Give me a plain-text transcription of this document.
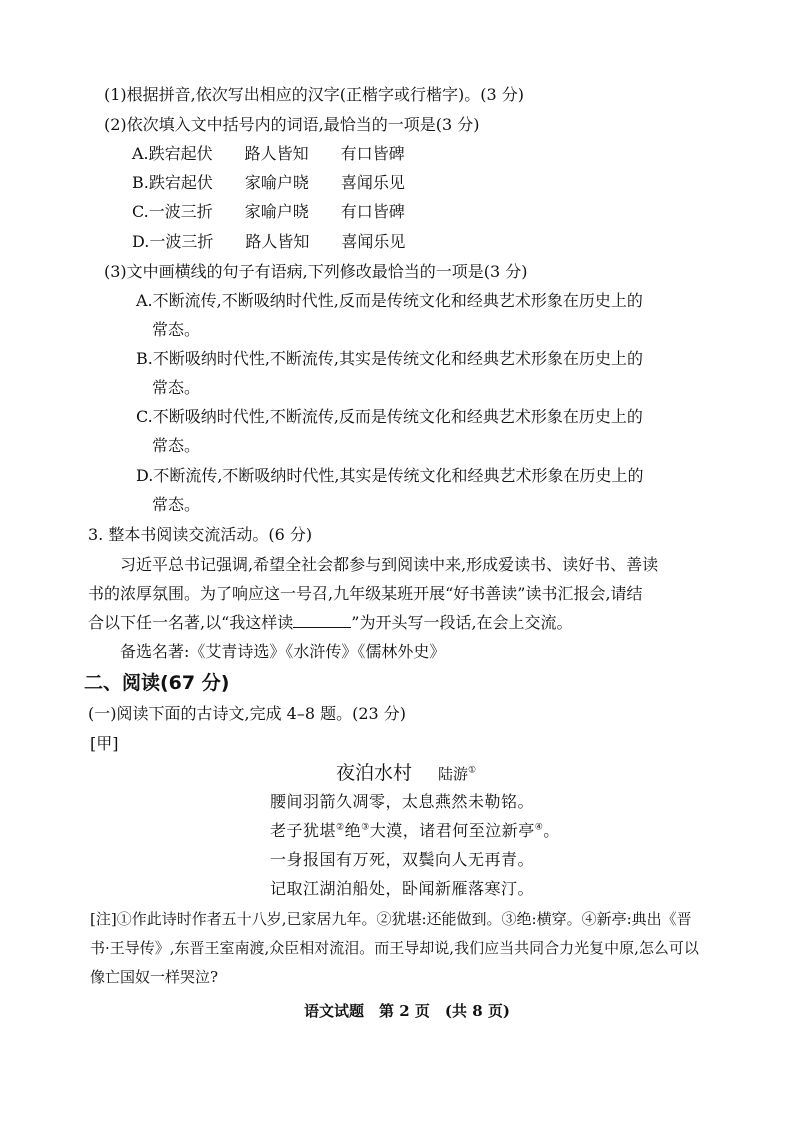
(1)根据拼音,依次写出相应的汉字(正楷字或行楷字)。(3 分)
(2)依次填入文中括号内的词语,最恰当的一项是(3 分)
A.跌宕起伏　　路人皆知　　有口皆碑
B.跌宕起伏　　家喻户晓　　喜闻乐见
C.一波三折　　家喻户晓　　有口皆碑
D.一波三折　　路人皆知　　喜闻乐见
(3)文中画横线的句子有语病,下列修改最恰当的一项是(3 分)
A.不断流传,不断吸纳时代性,反而是传统文化和经典艺术形象在历史上的
常态。
B.不断吸纳时代性,不断流传,其实是传统文化和经典艺术形象在历史上的
常态。
C.不断吸纳时代性,不断流传,反而是传统文化和经典艺术形象在历史上的
常态。
D.不断流传,不断吸纳时代性,其实是传统文化和经典艺术形象在历史上的
常态。
3. 整本书阅读交流活动。(6 分)
习近平总书记强调,希望全社会都参与到阅读中来,形成爱读书、读好书、善读
书的浓厚氛围。为了响应这一号召,九年级某班开展“好书善读”读书汇报会,请结
合以下任一名著,以“我这样读	”为开头写一段话,在会上交流。
备选名著:《艾青诗选》《水浒传》《儒林外史》
二、阅读(67 分)
(一)阅读下面的古诗文,完成 4–8 题。(23 分)
[甲]
夜泊水村 陆游①
腰间羽箭久凋零，太息燕然未勒铭。
老子犹堪②绝③大漠，诸君何至泣新亭④。
一身报国有万死，双鬓向人无再青。
记取江湖泊船处，卧闻新雁落寒汀。
[注]①作此诗时作者五十八岁,已家居九年。②犹堪:还能做到。③绝:横穿。④新亭:典出《晋
书·王导传》,东晋王室南渡,众臣相对流泪。而王导却说,我们应当共同合力光复中原,怎么可以
像亡国奴一样哭泣?
语文试题　第 2 页　(共 8 页)
